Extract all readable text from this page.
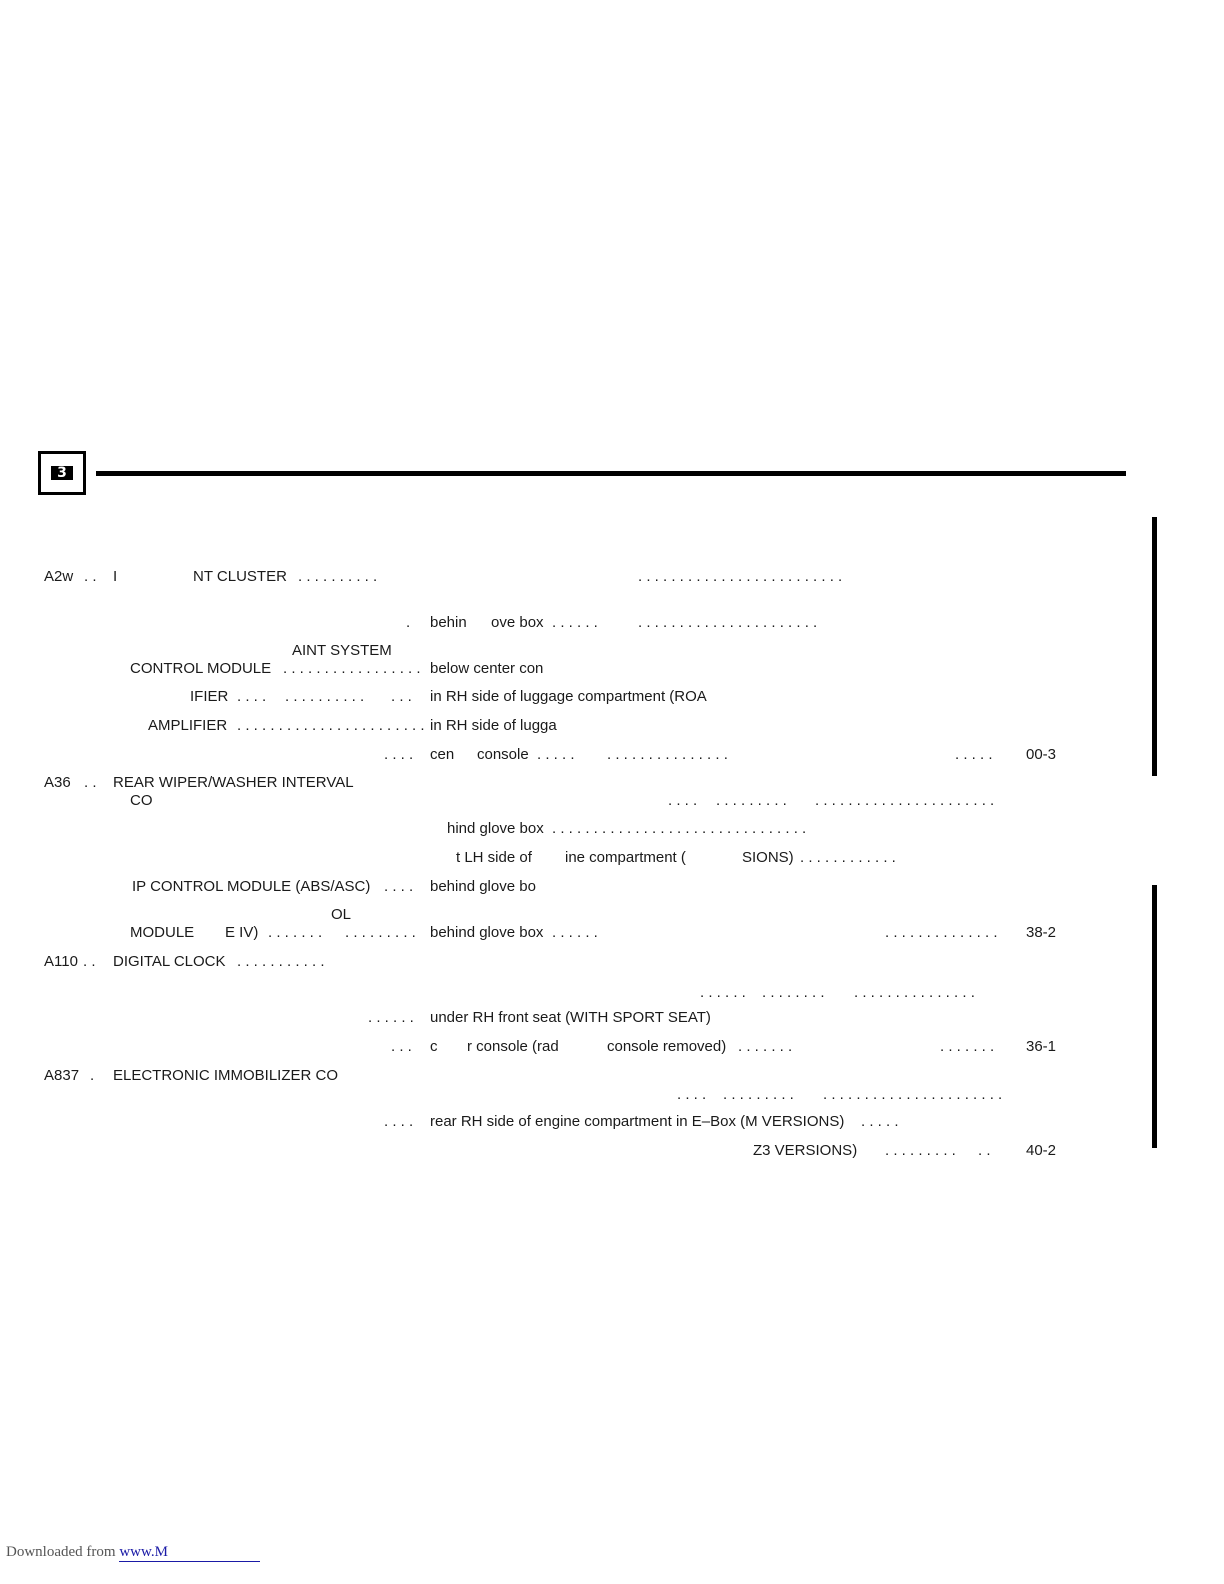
3
A2w . . I	NT CLUSTER . . . . . . . . . .	. . . . . . . . . . . . . . . . . . . . . . . . .
. behin ove box . . . . . .	. . . . . . . . . . . . . . . . . . . . . .
AINT SYSTEM
CONTROL MODULE . . . . . . . . . . . . . . . . . below center con
IFIER . . . . . . . . . . . . . . . . . in RH side of luggage compartment (ROA
AMPLIFIER . . . . . . . . . . . . . . . . . . . . . . . in RH side of lugga
. . . . cen console . . . . . . . . . . . . . . . . . . . .	. . . . . 00-3
A36 . . REAR WIPER/WASHER INTERVAL
CO	. . . . . . . . . . . . . . . . . . . . . . . . . . . . . . . . . . .
hind glove box . . . . . . . . . . . . . . . . . . . . . . . . . . . . . . .
t LH side of ine compartment (	SIONS) . . . . . . . . . . . .
IP CONTROL MODULE (ABS/ASC) . . . . behind glove bo
OL
MODULE E IV) . . . . . . . . . . . . . . . . behind glove box . . . . . .	. . . . . . . . . . . . . . 38-2
A110 . . DIGITAL CLOCK . . . . . . . . . . .
. . . . . . . . . . . . . . . . . . . . . . . . . . . . .
. . . . . . under RH front seat (WITH SPORT SEAT)
. . . c r console (rad	console removed) . . . . . . .	. . . . . . . 36-1
A837 . ELECTRONIC IMMOBILIZER CO
. . . . . . . . . . . . . . . . . . . . . . . . . . . . . . . . . . .
. . . . rear RH side of engine compartment in E–Box (M VERSIONS) . . . . .
Z3 VERSIONS) . . . . . . . . . . . 40-2
Downloaded from www.M
